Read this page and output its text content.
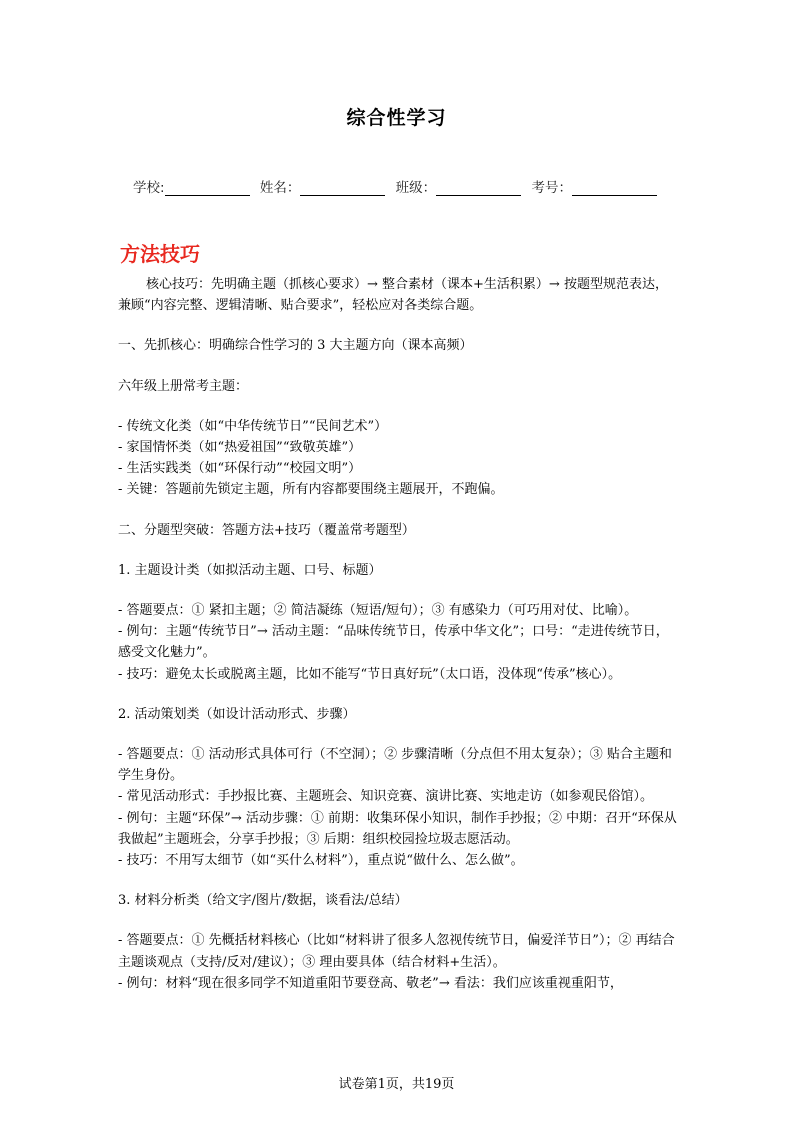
综合性学习
学校:	姓名：	班级：	考号：
方法技巧

核心技巧：先明确主题（抓核心要求）→ 整合素材（课本+生活积累）→ 按题型规范表达，兼顾“内容完整、逻辑清晰、贴合要求”，轻松应对各类综合题。

一、先抓核心：明确综合性学习的 3 大主题方向（课本高频）

六年级上册常考主题：

- 传统文化类（如“中华传统节日”“民间艺术”）

- 家国情怀类（如“热爱祖国”“致敬英雄”）

- 生活实践类（如“环保行动”“校园文明”）

- 关键：答题前先锁定主题，所有内容都要围绕主题展开，不跑偏。

二、分题型突破：答题方法+技巧（覆盖常考题型）

1. 主题设计类（如拟活动主题、口号、标题）

- 答题要点：① 紧扣主题；② 简洁凝练（短语/短句）；③ 有感染力（可巧用对仗、比喻）。

- 例句：主题“传统节日”→ 活动主题：“品味传统节日，传承中华文化”；口号：“走进传统节日，感受文化魅力”。

- 技巧：避免太长或脱离主题，比如不能写“节日真好玩”（太口语，没体现“传承”核心）。

2. 活动策划类（如设计活动形式、步骤）

- 答题要点：① 活动形式具体可行（不空洞）；② 步骤清晰（分点但不用太复杂）；③ 贴合主题和学生身份。

- 常见活动形式：手抄报比赛、主题班会、知识竞赛、演讲比赛、实地走访（如参观民俗馆）。

- 例句：主题“环保”→ 活动步骤：① 前期：收集环保小知识，制作手抄报；② 中期：召开“环保从我做起”主题班会，分享手抄报；③ 后期：组织校园捡垃圾志愿活动。

- 技巧：不用写太细节（如“买什么材料”），重点说“做什么、怎么做”。

3. 材料分析类（给文字/图片/数据，谈看法/总结）

- 答题要点：① 先概括材料核心（比如“材料讲了很多人忽视传统节日，偏爱洋节日”）；② 再结合主题谈观点（支持/反对/建议）；③ 理由要具体（结合材料+生活）。

- 例句：材料“现在很多同学不知道重阳节要登高、敬老”→ 看法：我们应该重视重阳节，

试卷第1页，共19页
